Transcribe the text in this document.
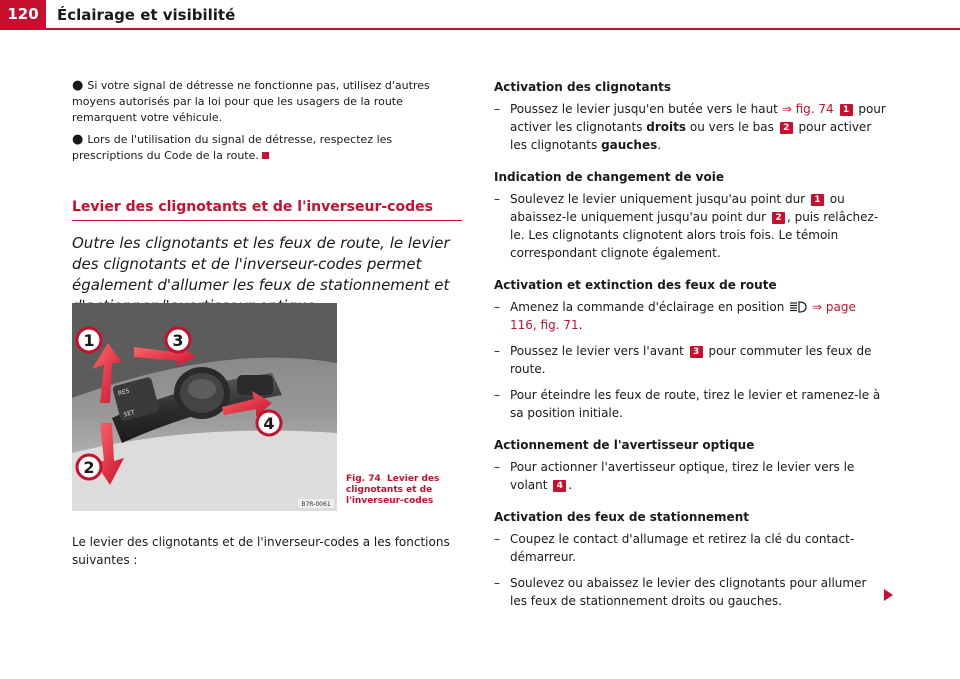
120	Éclairage et visibilité

● Si votre signal de détresse ne fonctionne pas, utilisez d'autres moyens autorisés par la loi pour que les usagers de la route remarquent votre véhicule.

● Lors de l'utilisation du signal de détresse, respectez les prescriptions du Code de la route.

Levier des clignotants et de l'inverseur-codes

Outre les clignotants et les feux de route, le levier des clignotants et de l'inverseur-codes permet également d'allumer les feux de stationnement et

RES
SET
1
2
3
4
B7R-0061
Fig. 74 Levier des clignotants et de l'inverseur-codes
Le levier des clignotants et de l'inverseur-codes a les fonctions suivantes :
Activation des clignotants
– Poussez le levier jusqu'en butée vers le haut ⇒ fig. 74 1 pour activer les clignotants droits ou vers le bas 2 pour activer les clignotants gauches.
Indication de changement de voie
– Soulevez le levier uniquement jusqu'au point dur 1 ou abaissez-le uniquement jusqu'au point dur 2 , puis relâchez-le. Les clignotants clignotent alors trois fois. Le témoin correspondant clignote également.
Activation et extinction des feux de route
– Amenez la commande d'éclairage en position ⇒ page 116, fig. 71.
– Poussez le levier vers l'avant 3 pour commuter les feux de route.
– Pour éteindre les feux de route, tirez le levier et ramenez-le à sa position initiale.
Actionnement de l'avertisseur optique
– Pour actionner l'avertisseur optique, tirez le levier vers le volant 4 .
Activation des feux de stationnement
– Coupez le contact d'allumage et retirez la clé du contact-démarreur.
– Soulevez ou abaissez le levier des clignotants pour allumer les feux de stationnement droits ou gauches.
